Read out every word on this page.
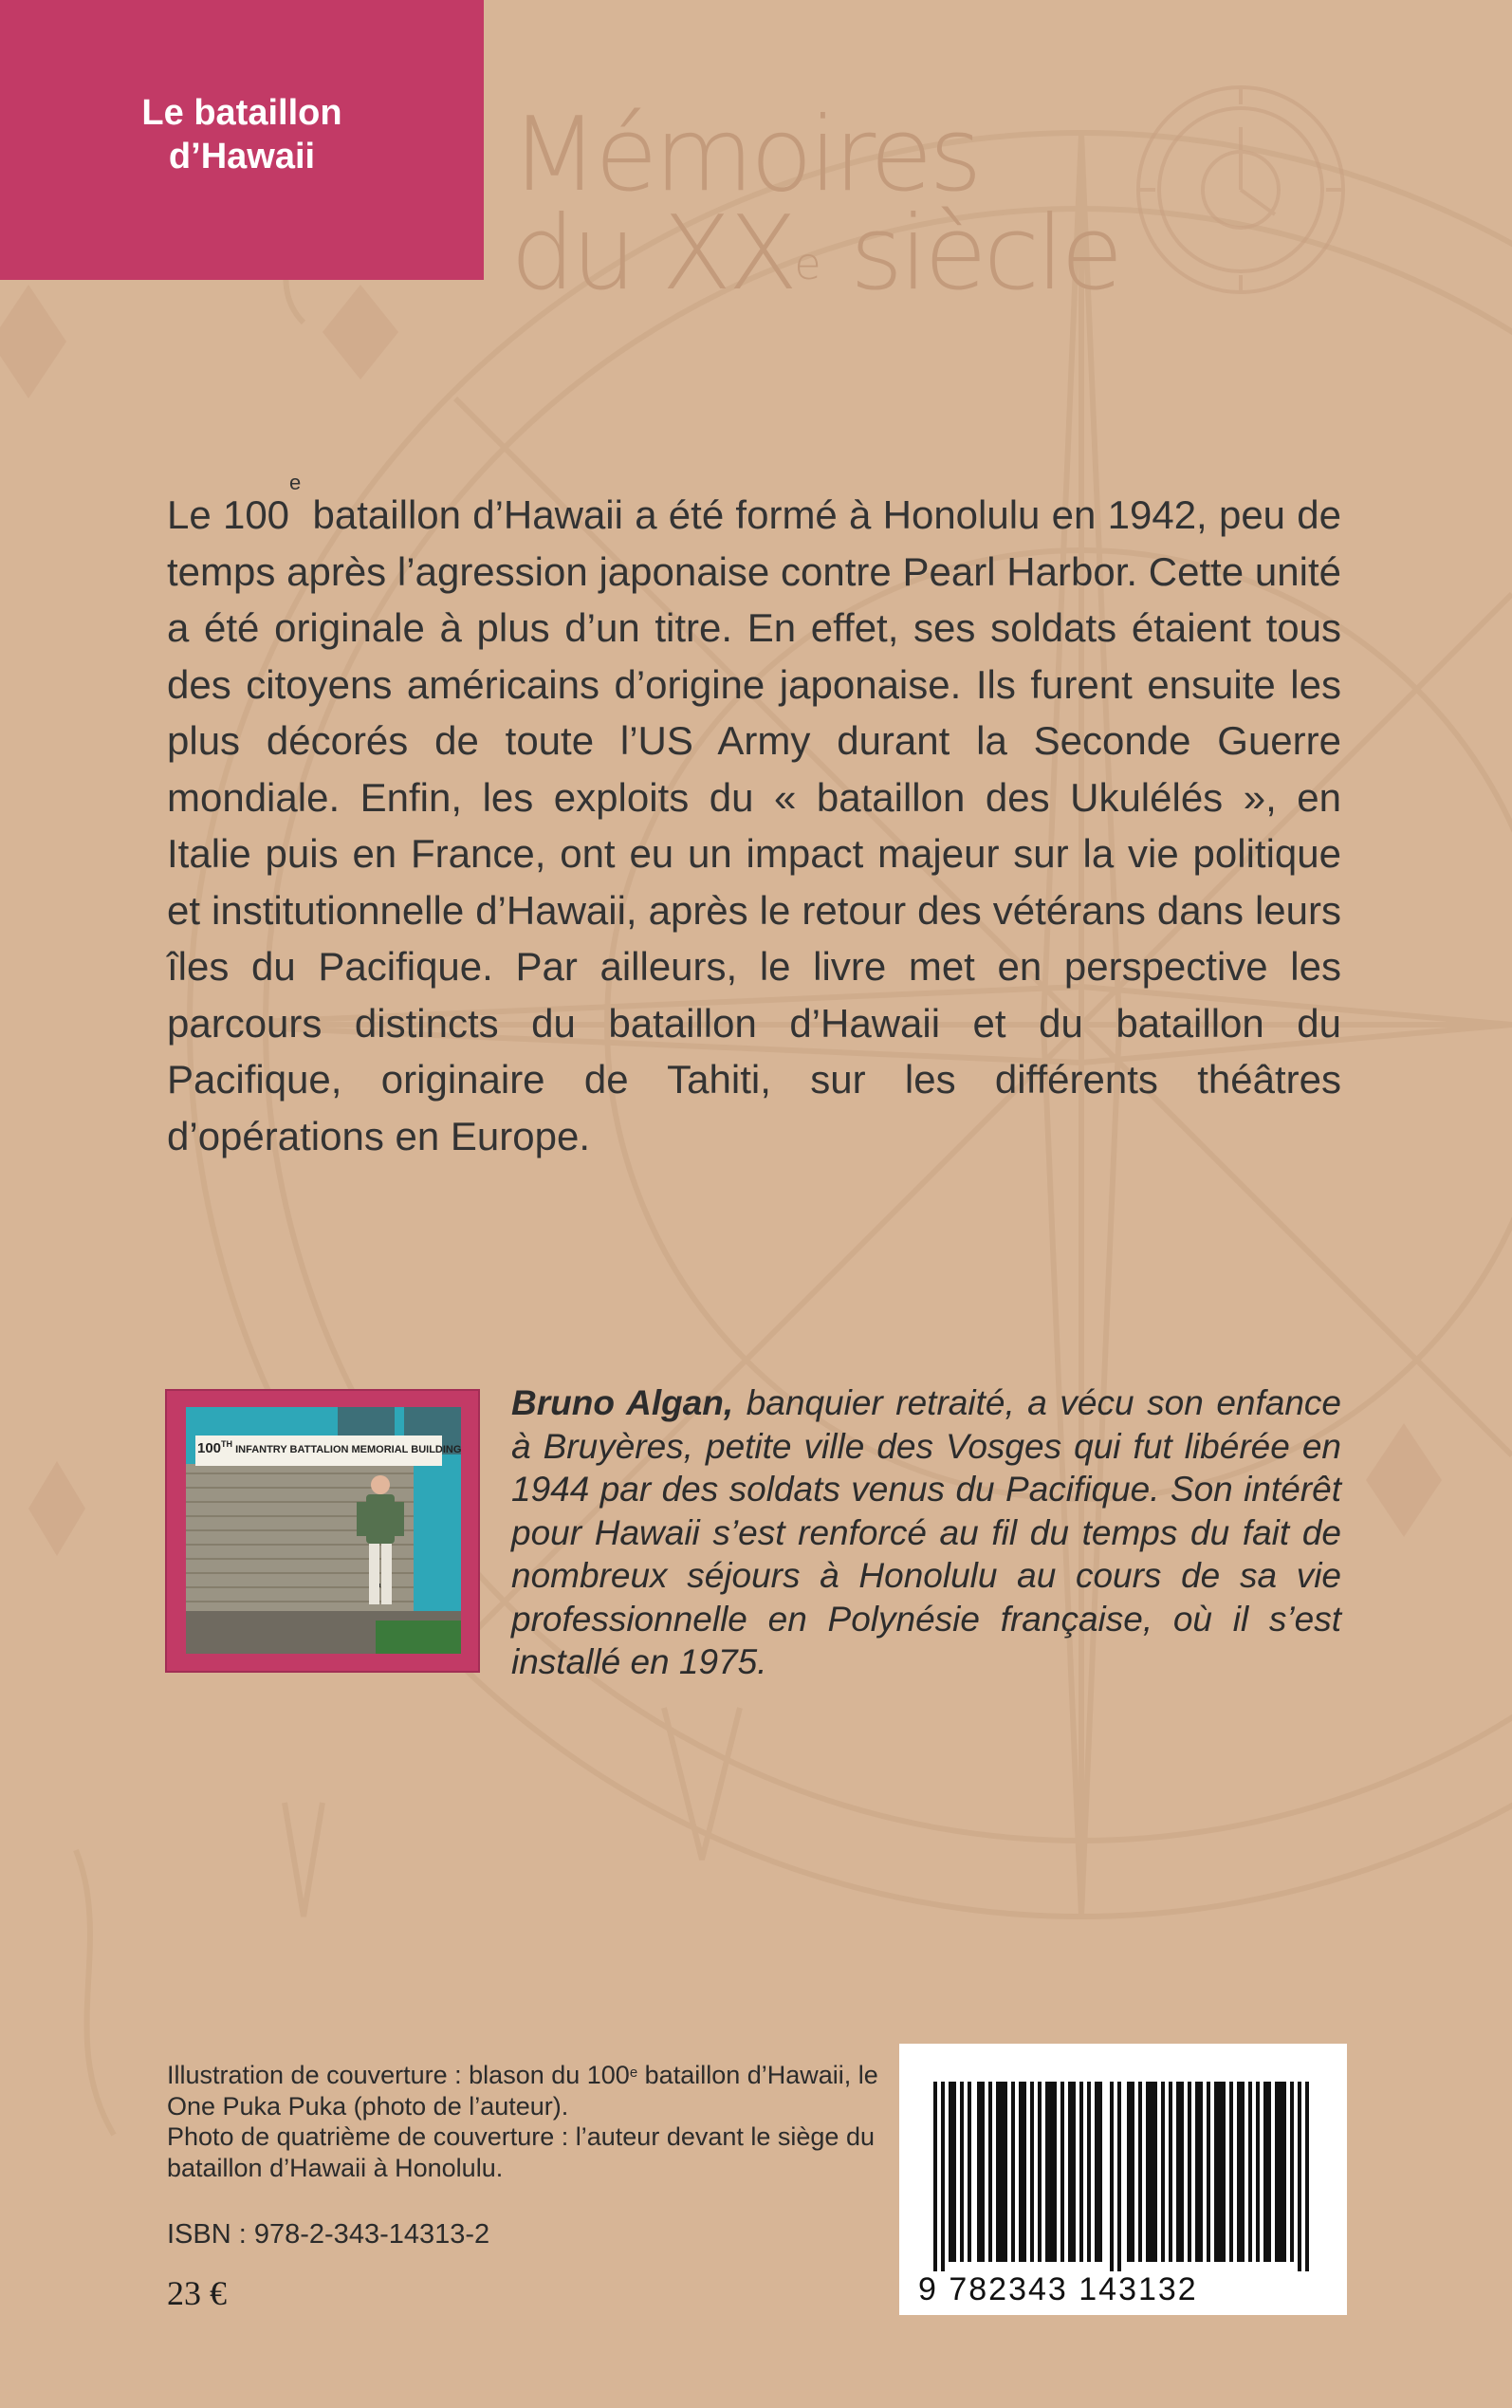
Le bataillon
d’Hawaii	Mémoires
du XXe siècle

Le 100e bataillon d’Hawaii a été formé à Honolulu en 1942, peu de temps après l’agression japonaise contre Pearl Harbor. Cette unité a été originale à plus d’un titre. En effet, ses soldats étaient tous des citoyens américains d’origine japonaise. Ils furent ensuite les plus décorés de toute l’US Army durant la Seconde Guerre mondiale. Enfin, les exploits du « bataillon des Ukulélés », en Italie puis en France, ont eu un impact majeur sur la vie politique et institutionnelle d’Hawaii, après le retour des vétérans dans leurs îles du Pacifique. Par ailleurs, le livre met en perspective les parcours distincts du bataillon d’Hawaii et du bataillon du Pacifique, originaire de Tahiti, sur les différents théâtres d’opérations en Europe.

100TH INFANTRY BATTALION MEMORIAL BUILDING

Bruno Algan, banquier retraité, a vécu son enfance à Bruyères, petite ville des Vosges qui fut libérée en 1944 par des soldats venus du Pacifique. Son intérêt pour Hawaii s’est renforcé au fil du temps du fait de nombreux séjours à Honolulu au cours de sa vie professionnelle en Polynésie française, où il s’est installé en 1975.

Illustration de couverture : blason du 100e bataillon d’Hawaii, le One Puka Puka (photo de l’auteur).

Photo de quatrième de couverture : l’auteur devant le siège du bataillon d’Hawaii à Honolulu.

ISBN : 978-2-343-14313-2
23 €	9 782343 143132
